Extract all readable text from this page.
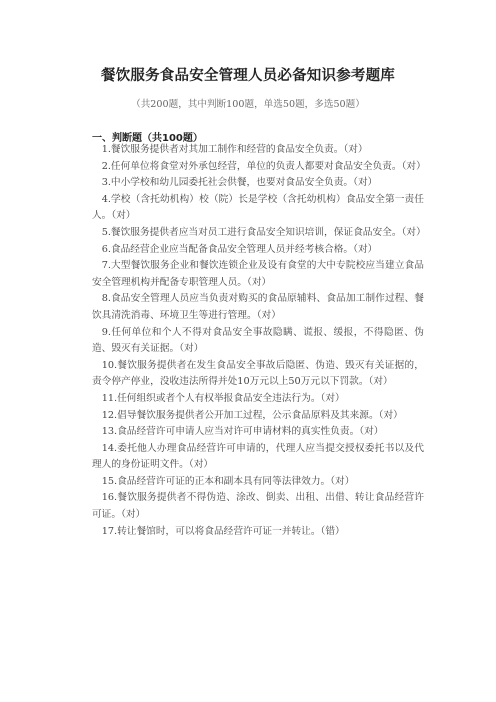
餐饮服务食品安全管理人员必备知识参考题库
（共200题，其中判断100题，单选50题，多选50题）
一、判断题（共100题）
1.餐饮服务提供者对其加工制作和经营的食品安全负责。（对）
2.任何单位将食堂对外承包经营，单位的负责人都要对食品安全负责。（对）
3.中小学校和幼儿园委托社会供餐，也要对食品安全负责。（对）
4.学校（含托幼机构）校（院）长是学校（含托幼机构）食品安全第一责任人。（对）
5.餐饮服务提供者应当对员工进行食品安全知识培训，保证食品安全。（对）
6.食品经营企业应当配备食品安全管理人员并经考核合格。（对）
7.大型餐饮服务企业和餐饮连锁企业及设有食堂的大中专院校应当建立食品安全管理机构并配备专职管理人员。（对）
8.食品安全管理人员应当负责对购买的食品原辅料、食品加工制作过程、餐饮具清洗消毒、环境卫生等进行管理。（对）
9.任何单位和个人不得对食品安全事故隐瞒、谎报、缓报，不得隐匿、伪造、毁灭有关证据。（对）
10.餐饮服务提供者在发生食品安全事故后隐匿、伪造、毁灭有关证据的，责令停产停业，没收违法所得并处10万元以上50万元以下罚款。（对）
11.任何组织或者个人有权举报食品安全违法行为。（对）
12.倡导餐饮服务提供者公开加工过程，公示食品原料及其来源。（对）
13.食品经营许可申请人应当对许可申请材料的真实性负责。（对）
14.委托他人办理食品经营许可申请的，代理人应当提交授权委托书以及代理人的身份证明文件。（对）
15.食品经营许可证的正本和副本具有同等法律效力。（对）
16.餐饮服务提供者不得伪造、涂改、倒卖、出租、出借、转让食品经营许可证。（对）
17.转让餐馆时，可以将食品经营许可证一并转让。（错）
